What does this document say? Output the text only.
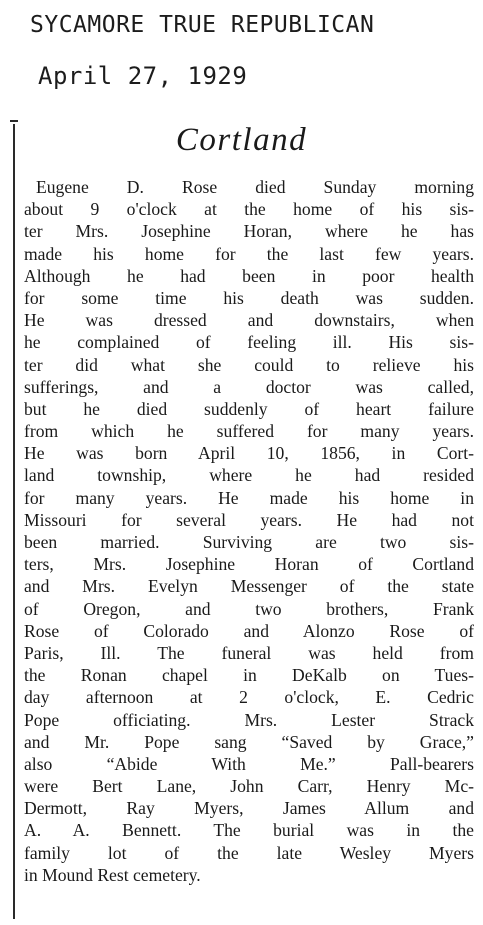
SYCAMORE TRUE REPUBLICAN
April 27, 1929
Cortland
Eugene D. Rose died Sunday morning
about 9 o'clock at the home of his sis-
ter Mrs. Josephine Horan, where he has
made his home for the last few years.
Although he had been in poor health
for some time his death was sudden.
He was dressed and downstairs, when
he complained of feeling ill. His sis-
ter did what she could to relieve his
sufferings, and a doctor was called,
but he died suddenly of heart failure
from which he suffered for many years.
He was born April 10, 1856, in Cort-
land township, where he had resided
for many years. He made his home in
Missouri for several years. He had not
been married. Surviving are two sis-
ters, Mrs. Josephine Horan of Cortland
and Mrs. Evelyn Messenger of the state
of Oregon, and two brothers, Frank
Rose of Colorado and Alonzo Rose of
Paris, Ill. The funeral was held from
the Ronan chapel in DeKalb on Tues-
day afternoon at 2 o'clock, E. Cedric
Pope officiating. Mrs. Lester Strack
and Mr. Pope sang “Saved by Grace,”
also “Abide With Me.” Pall-bearers
were Bert Lane, John Carr, Henry Mc-
Dermott, Ray Myers, James Allum and
A. A. Bennett. The burial was in the
family lot of the late Wesley Myers
in Mound Rest cemetery.
